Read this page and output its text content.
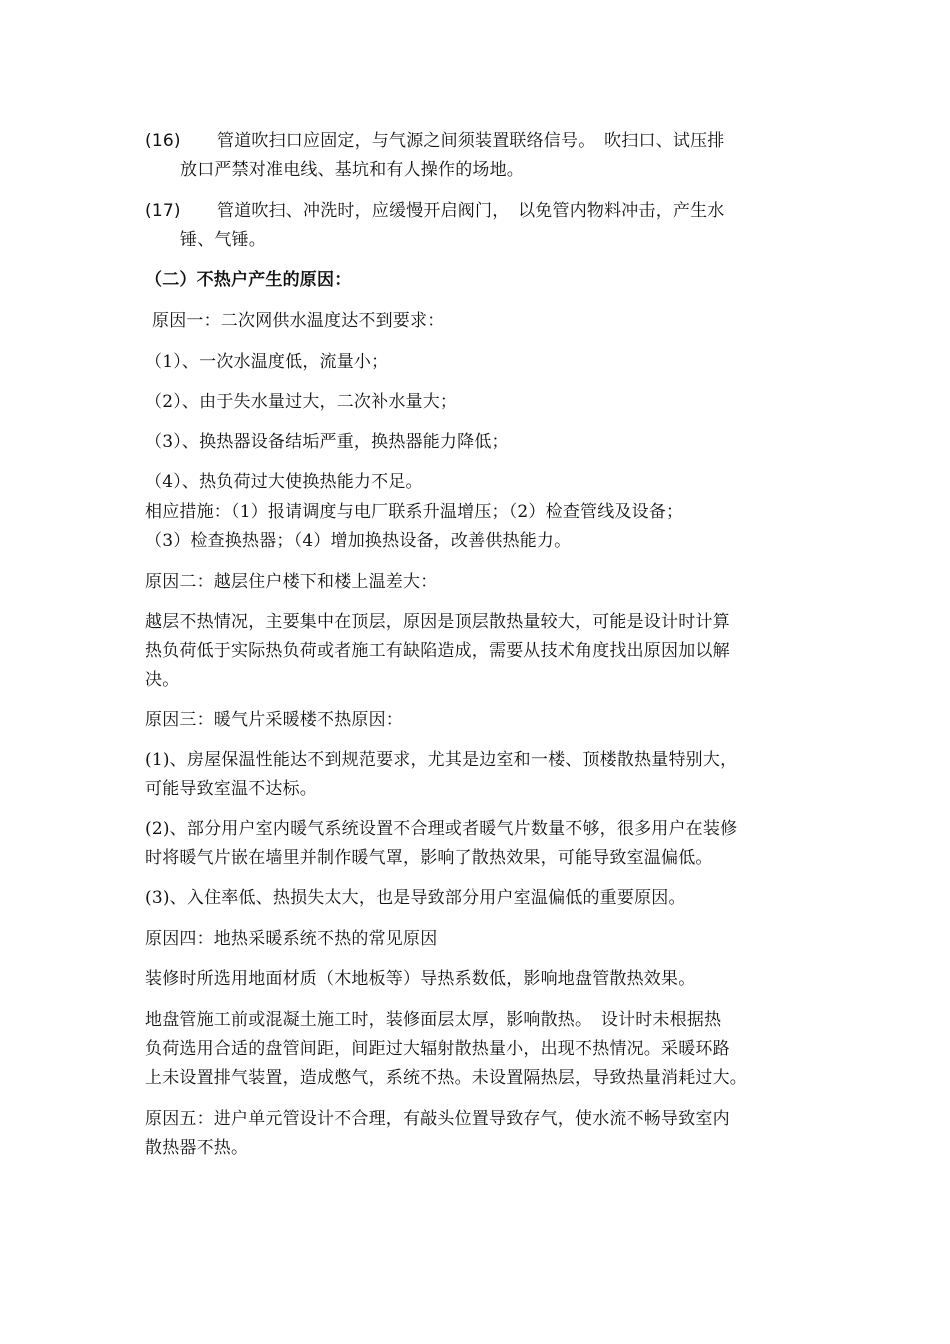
(16) 管道吹扫口应固定，与气源之间须装置联络信号。　吹扫口、试压排
放口严禁对准电线、基坑和有人操作的场地。
(17) 管道吹扫、冲洗时，应缓慢开启阀门，　以免管内物料冲击，产生水
锤、气锤。
（二）不热户产生的原因：
原因一：二次网供水温度达不到要求：
（1）、一次水温度低，流量小；
（2）、由于失水量过大，二次补水量大；
（3）、换热器设备结垢严重，换热器能力降低；
（4）、热负荷过大使换热能力不足。
相应措施：（1）报请调度与电厂联系升温增压；（2）检查管线及设备；
（3）检查换热器；（4）增加换热设备，改善供热能力。
原因二：越层住户楼下和楼上温差大：
越层不热情况，主要集中在顶层，原因是顶层散热量较大，可能是设计时计算
热负荷低于实际热负荷或者施工有缺陷造成，需要从技术角度找出原因加以解
决。
原因三：暖气片采暖楼不热原因：
(1)、房屋保温性能达不到规范要求，尤其是边室和一楼、顶楼散热量特别大，
可能导致室温不达标。
(2)、部分用户室内暖气系统设置不合理或者暖气片数量不够，很多用户在装修
时将暖气片嵌在墙里并制作暖气罩，影响了散热效果，可能导致室温偏低。
(3)、入住率低、热损失太大，也是导致部分用户室温偏低的重要原因。
原因四：地热采暖系统不热的常见原因
装修时所选用地面材质（木地板等）导热系数低，影响地盘管散热效果。
地盘管施工前或混凝土施工时，装修面层太厚，影响散热。　设计时未根据热
负荷选用合适的盘管间距，间距过大辐射散热量小，出现不热情况。采暖环路
上未设置排气装置，造成憋气，系统不热。未设置隔热层，导致热量消耗过大。
原因五：进户单元管设计不合理，有敲头位置导致存气，使水流不畅导致室内
散热器不热。
